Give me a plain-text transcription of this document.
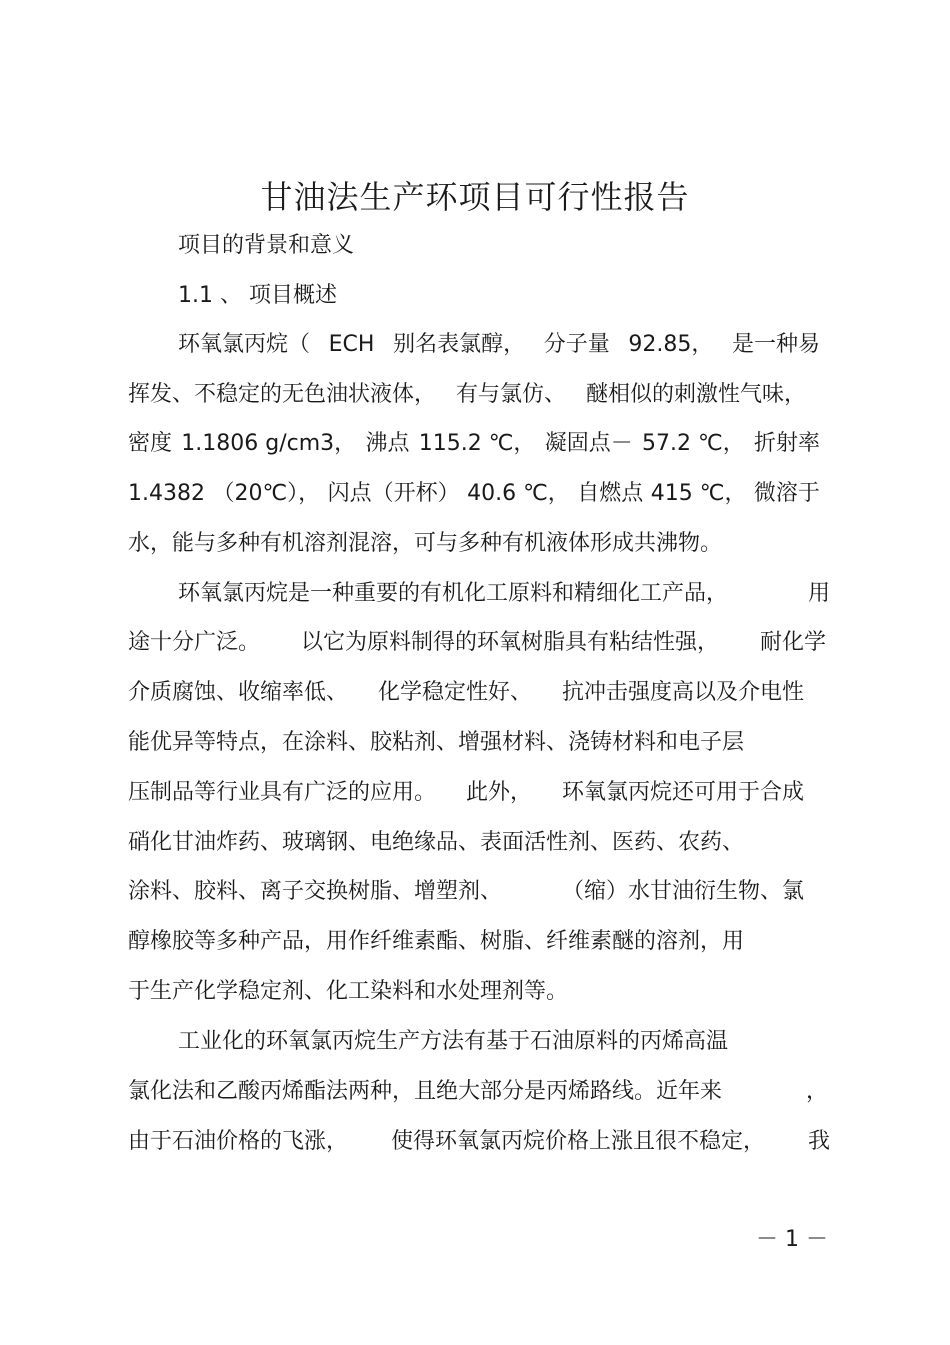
甘油法生产环项目可行性报告
项目的背景和意义
1.1 、 项目概述
环氧氯丙烷（ ECH 别名表氯醇， 分子量 92.85， 是一种易
挥发、不稳定的无色油状液体， 有与氯仿、 醚相似的刺激性气味，
密度 1.1806 g/cm3， 沸点 115.2 ℃， 凝固点－ 57.2 ℃， 折射率
1.4382 （20℃）， 闪点（开杯） 40.6 ℃， 自燃点 415 ℃， 微溶于
水，能与多种有机溶剂混溶，可与多种有机液体形成共沸物。
环氧氯丙烷是一种重要的有机化工原料和精细化工产品，	用
途十分广泛。 以它为原料制得的环氧树脂具有粘结性强， 耐化学
介质腐蚀、收缩率低、 化学稳定性好、 抗冲击强度高以及介电性
能优异等特点，在涂料、胶粘剂、增强材料、浇铸材料和电子层
压制品等行业具有广泛的应用。 此外， 环氧氯丙烷还可用于合成
硝化甘油炸药、玻璃钢、电绝缘品、表面活性剂、医药、农药、
涂料、胶料、离子交换树脂、增塑剂、	（缩）水甘油衍生物、氯
醇橡胶等多种产品，用作纤维素酯、树脂、纤维素醚的溶剂，用
于生产化学稳定剂、化工染料和水处理剂等。
工业化的环氧氯丙烷生产方法有基于石油原料的丙烯高温
氯化法和乙酸丙烯酯法两种，且绝大部分是丙烯路线。近年来	，
由于石油价格的飞涨， 使得环氧氯丙烷价格上涨且很不稳定， 我
－ 1 －
